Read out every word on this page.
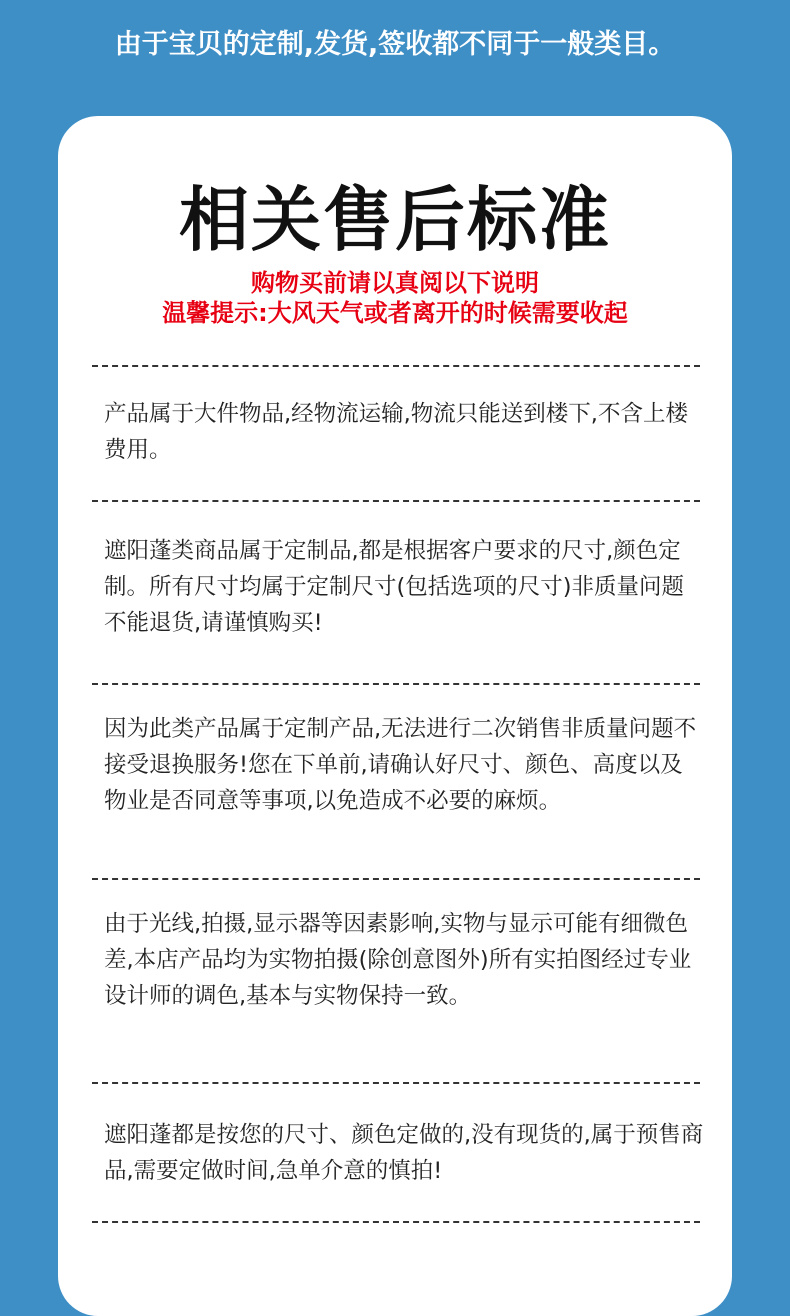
由于宝贝的定制,发货,签收都不同于一般类目。
相关售后标准
购物买前请以真阅以下说明
温馨提示:大风天气或者离开的时候需要收起
产品属于大件物品,经物流运输,物流只能送到楼下,不含上楼费用。
遮阳蓬类商品属于定制品,都是根据客户要求的尺寸,颜色定制。所有尺寸均属于定制尺寸(包括选项的尺寸)非质量问题不能退货,请谨慎购买!
因为此类产品属于定制产品,无法进行二次销售非质量问题不接受退换服务!您在下单前,请确认好尺寸、颜色、高度以及物业是否同意等事项,以免造成不必要的麻烦。
由于光线,拍摄,显示器等因素影响,实物与显示可能有细微色差,本店产品均为实物拍摄(除创意图外)所有实拍图经过专业设计师的调色,基本与实物保持一致。
遮阳蓬都是按您的尺寸、颜色定做的,没有现货的,属于预售商品,需要定做时间,急单介意的慎拍!
